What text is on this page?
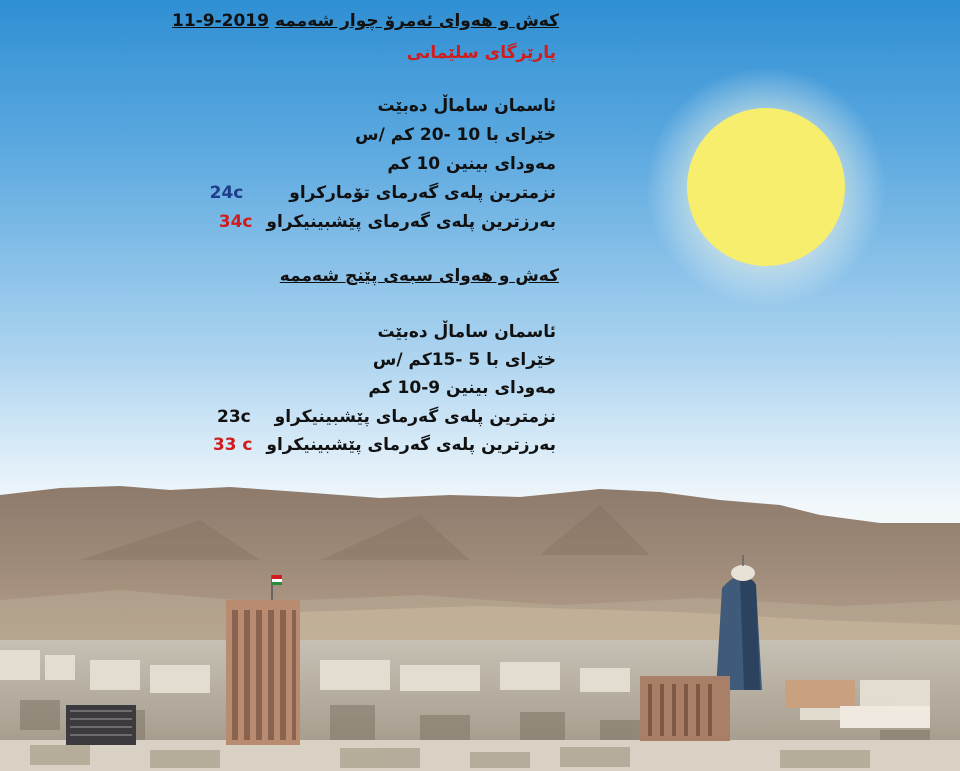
کەش و هەوای ئەمرۆ چوار شەممە2019-9-11
پارێزگای سلێمانی
ئاسمان ساماڵ دەبێت
خێرای با 10 -20 کم /س
مەودای بینین 10 کم
نزمترین پلەی گەرمای تۆمارکراو 24c
بەرزترین پلەی گەرمای پێشبینیکراو 34c
کەش و هەوای سبەی پێنج شەممە
ئاسمان ساماڵ دەبێت
خێرای با 5 -15کم /س
مەودای بینین 9-10 کم
نزمترین پلەی گەرمای پێشبینیکراو 23c
بەرزترین پلەی گەرمای پێشبینیکراو 33 c
